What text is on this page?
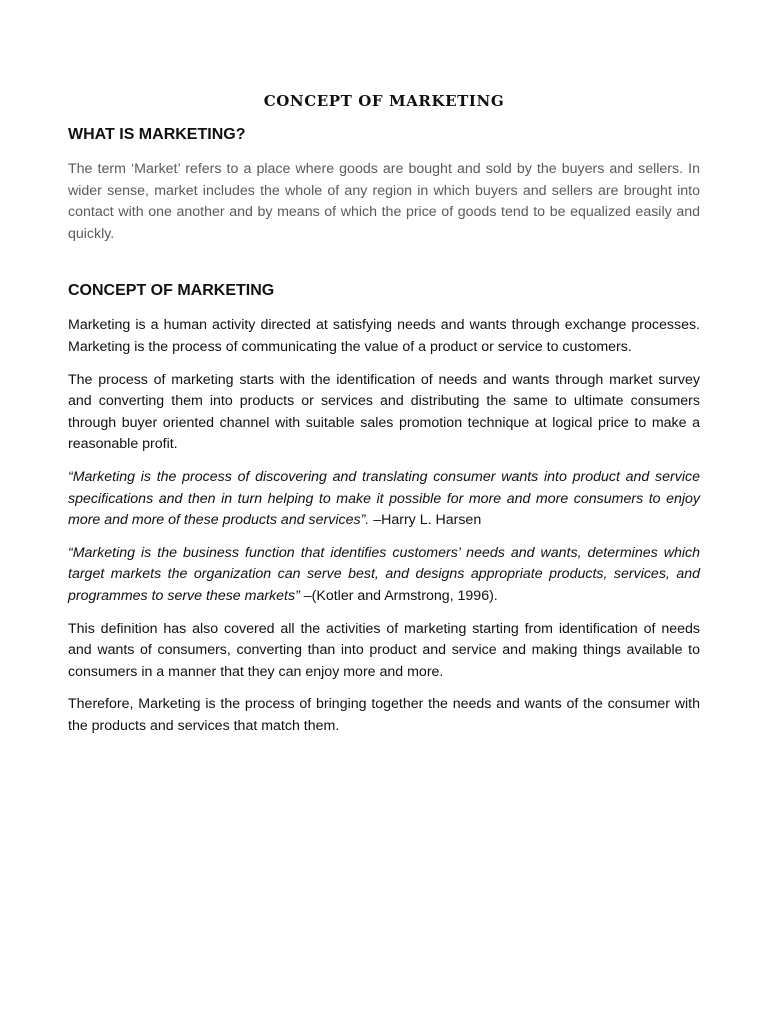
CONCEPT OF MARKETING
WHAT IS MARKETING?

The term ‘Market’ refers to a place where goods are bought and sold by the buyers and sellers. In wider sense, market includes the whole of any region in which buyers and sellers are brought into contact with one another and by means of which the price of goods tend to be equalized easily and quickly.

CONCEPT OF MARKETING

Marketing is a human activity directed at satisfying needs and wants through exchange processes. Marketing is the process of communicating the value of a product or service to customers.

The process of marketing starts with the identification of needs and wants through market survey and converting them into products or services and distributing the same to ultimate consumers through buyer oriented channel with suitable sales promotion technique at logical price to make a reasonable profit.

“Marketing is the process of discovering and translating consumer wants into product and service specifications and then in turn helping to make it possible for more and more consumers to enjoy more and more of these products and services”. –Harry L. Harsen

“Marketing is the business function that identifies customers’ needs and wants, determines which target markets the organization can serve best, and designs appropriate products, services, and programmes to serve these markets” –(Kotler and Armstrong, 1996).

This definition has also covered all the activities of marketing starting from identification of needs and wants of consumers, converting than into product and service and making things available to consumers in a manner that they can enjoy more and more.

Therefore, Marketing is the process of bringing together the needs and wants of the consumer with the products and services that match them.
